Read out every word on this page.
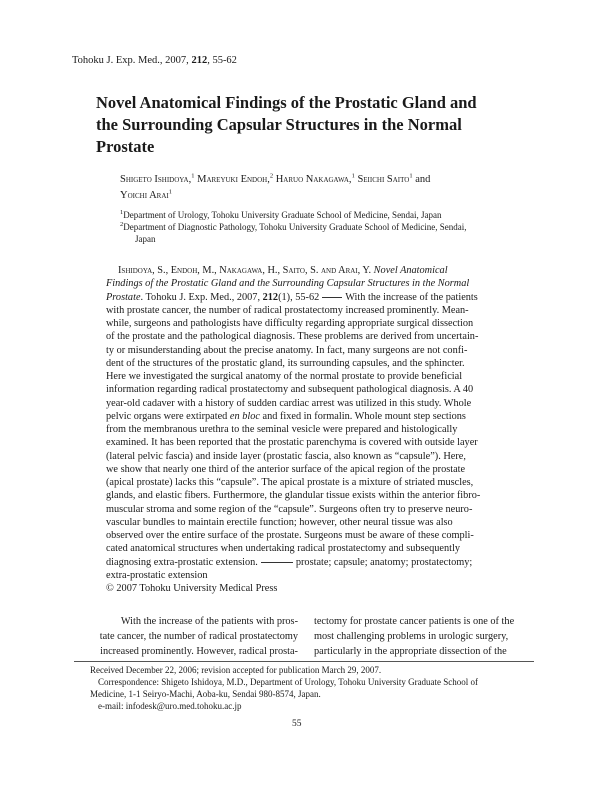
Tohoku J. Exp. Med., 2007, 212, 55-62
Novel Anatomical Findings of the Prostatic Gland and
the Surrounding Capsular Structures in the Normal
Prostate
Shigeto Ishidoya,$^1$ Mareyuki Endoh,$^2$ Haruo Nakagawa,$^1$ Seiichi Saito$^1$ and
Yoichi Arai$^1$
$^1$Department of Urology, Tohoku University Graduate School of Medicine, Sendai, Japan
$^2$Department of Diagnostic Pathology, Tohoku University Graduate School of Medicine, Sendai,
Japan
Ishidoya, S., Endoh, M., Nakagawa, H., Saito, S. and Arai, Y. Novel Anatomical
Findings of the Prostatic Gland and the Surrounding Capsular Structures in the Normal
Prostate. Tohoku J. Exp. Med., 2007, 212(1), 55-62	With the increase of the patients
with prostate cancer, the number of radical prostatectomy increased prominently. Mean-
while, surgeons and pathologists have difficulty regarding appropriate surgical dissection
of the prostate and the pathological diagnosis. These problems are derived from uncertain-
ty or misunderstanding about the precise anatomy. In fact, many surgeons are not confi-
dent of the structures of the prostatic gland, its surrounding capsules, and the sphincter.
Here we investigated the surgical anatomy of the normal prostate to provide beneficial
information regarding radical prostatectomy and subsequent pathological diagnosis. A 40
year-old cadaver with a history of sudden cardiac arrest was utilized in this study. Whole
pelvic organs were extirpated en bloc and fixed in formalin. Whole mount step sections
from the membranous urethra to the seminal vesicle were prepared and histologically
examined. It has been reported that the prostatic parenchyma is covered with outside layer
(lateral pelvic fascia) and inside layer (prostatic fascia, also known as “capsule”). Here,
we show that nearly one third of the anterior surface of the apical region of the prostate
(apical prostate) lacks this “capsule”. The apical prostate is a mixture of striated muscles,
glands, and elastic fibers. Furthermore, the glandular tissue exists within the anterior fibro-
muscular stroma and some region of the “capsule”. Surgeons often try to preserve neuro-
vascular bundles to maintain erectile function; however, other neural tissue was also
observed over the entire surface of the prostate. Surgeons must be aware of these compli-
cated anatomical structures when undertaking radical prostatectomy and subsequently
diagnosing extra-prostatic extension.	prostate; capsule; anatomy; prostatectomy;
extra-prostatic extension
© 2007 Tohoku University Medical Press
With the increase of the patients with pros-
tate cancer, the number of radical prostatectomy
increased prominently. However, radical prosta-
tectomy for prostate cancer patients is one of the
most challenging problems in urologic surgery,
particularly in the appropriate dissection of the
Received December 22, 2006; revision accepted for publication March 29, 2007.
Correspondence: Shigeto Ishidoya, M.D., Department of Urology, Tohoku University Graduate School of
Medicine, 1-1 Seiryo-Machi, Aoba-ku, Sendai 980-8574, Japan.
e-mail: infodesk@uro.med.tohoku.ac.jp
55
